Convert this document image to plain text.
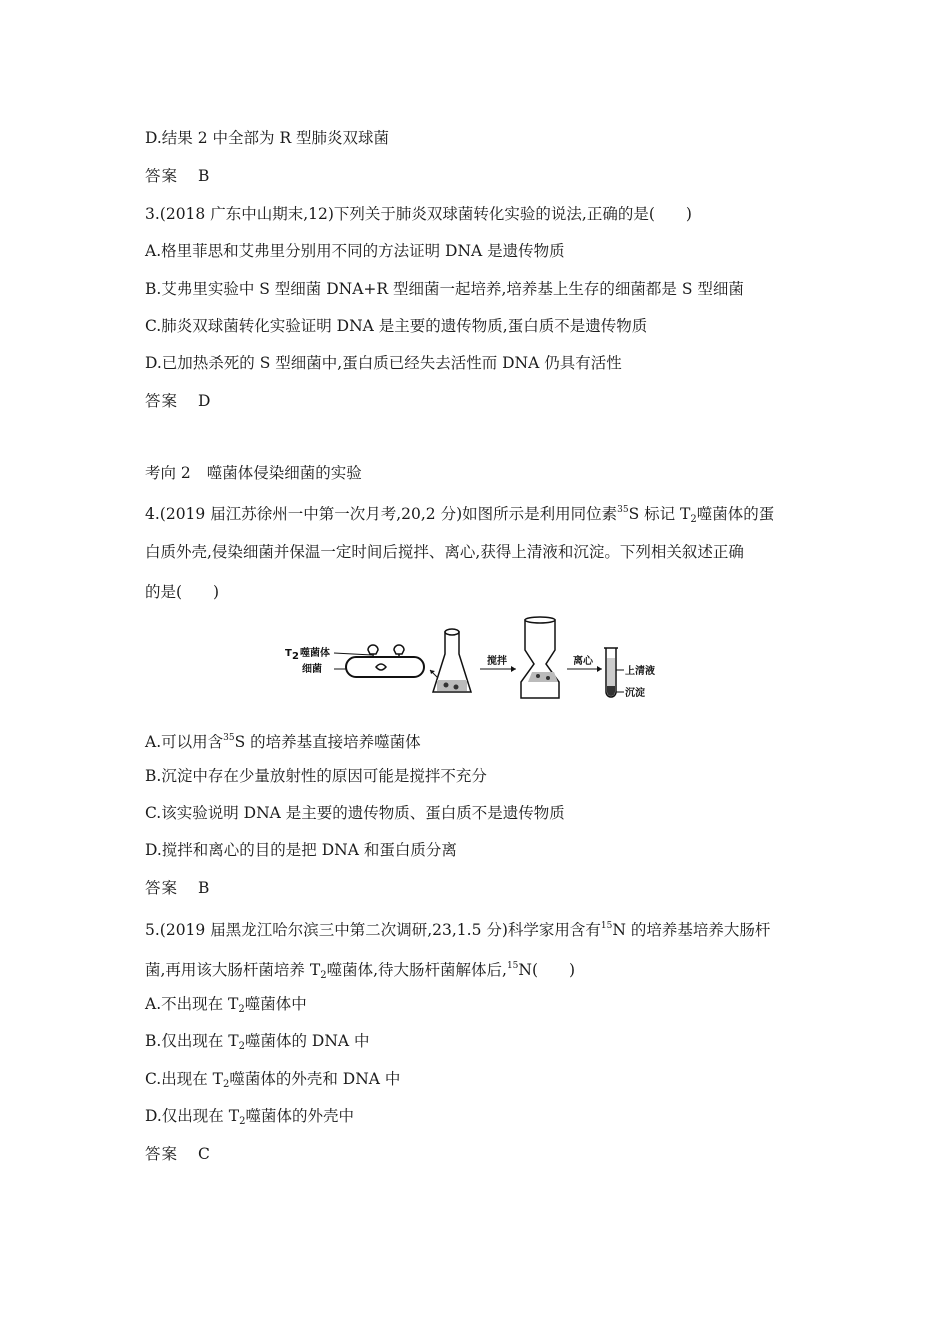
D.结果 2 中全部为 R 型肺炎双球菌
答案 B
3.(2018 广东中山期末,12)下列关于肺炎双球菌转化实验的说法,正确的是(　　)
A.格里菲思和艾弗里分别用不同的方法证明 DNA 是遗传物质
B.艾弗里实验中 S 型细菌 DNA+R 型细菌一起培养,培养基上生存的细菌都是 S 型细菌
C.肺炎双球菌转化实验证明 DNA 是主要的遗传物质,蛋白质不是遗传物质
D.已加热杀死的 S 型细菌中,蛋白质已经失去活性而 DNA 仍具有活性
答案 D
考向 2 噬菌体侵染细菌的实验
4.(2019 届江苏徐州一中第一次月考,20,2 分)如图所示是利用同位素$^{35}$S 标记 $T_2$噬菌体的蛋
白质外壳,侵染细菌并保温一定时间后搅拌、离心,获得上清液和沉淀。下列相关叙述正确
的是(　　)
T 2 噬菌体
细菌
搅拌	离心
上清液
沉淀
A.可以用含$^{35}$S 的培养基直接培养噬菌体
B.沉淀中存在少量放射性的原因可能是搅拌不充分
C.该实验说明 DNA 是主要的遗传物质、蛋白质不是遗传物质
D.搅拌和离心的目的是把 DNA 和蛋白质分离
答案 B
5.(2019 届黑龙江哈尔滨三中第二次调研,23,1.5 分)科学家用含有$^{15}$N 的培养基培养大肠杆
菌,再用该大肠杆菌培养 $T_2$噬菌体,待大肠杆菌解体后,$^{15}$N(　　)
A.不出现在 $T_2$噬菌体中
B.仅出现在 $T_2$噬菌体的 DNA 中
C.出现在 $T_2$噬菌体的外壳和 DNA 中
D.仅出现在 $T_2$噬菌体的外壳中
答案 C
